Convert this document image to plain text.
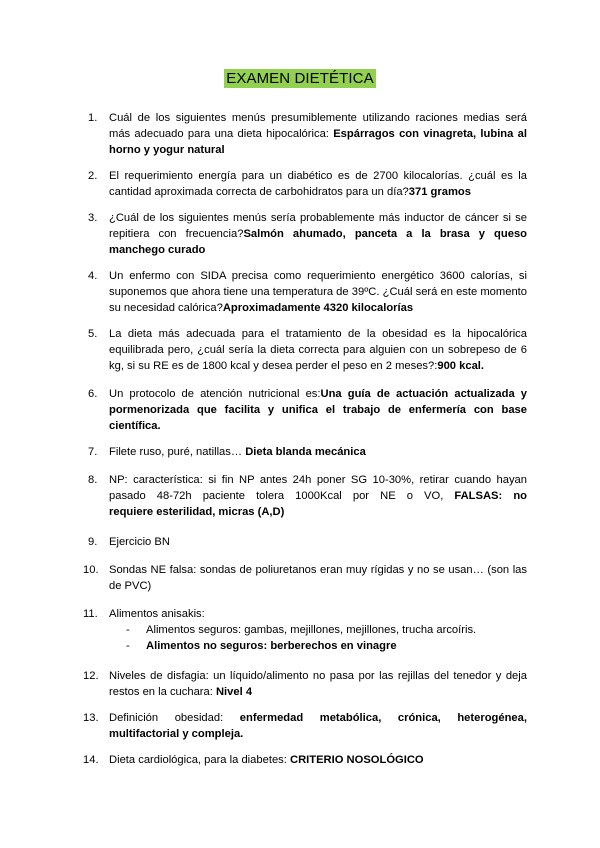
EXAMEN DIETÉTICA
1.	Cuál de los siguientes menús presumiblemente utilizando raciones medias será más adecuado para una dieta hipocalórica: Espárragos con vinagreta, lubina al horno y yogur natural
2.	El requerimiento energía para un diabético es de 2700 kilocalorías. ¿cuál es la cantidad aproximada correcta de carbohidratos para un día?371 gramos
3.	¿Cuál de los siguientes menús sería probablemente más inductor de cáncer si se repitiera con frecuencia?Salmón ahumado, panceta a la brasa y queso manchego curado
4.	Un enfermo con SIDA precisa como requerimiento energético 3600 calorías, si suponemos que ahora tiene una temperatura de 39ºC. ¿Cuál será en este momento su necesidad calórica?Aproximadamente 4320 kilocalorías
5.	La dieta más adecuada para el tratamiento de la obesidad es la hipocalórica equilibrada pero, ¿cuál sería la dieta correcta para alguien con un sobrepeso de 6 kg, si su RE es de 1800 kcal y desea perder el peso en 2 meses?:900 kcal.
6.	Un protocolo de atención nutricional es:Una guía de actuación actualizada y pormenorizada que facilita y unifica el trabajo de enfermería con base científica.
7.	Filete ruso, puré, natillas… Dieta blanda mecánica
8.	NP: característica: si fin NP antes 24h poner SG 10-30%, retirar cuando hayan pasado 48-72h paciente tolera 1000Kcal por NE o VO, FALSAS: no
requiere esterilidad, micras (A,D)
9.	Ejercicio BN
10. Sondas NE falsa: sondas de poliuretanos eran muy rígidas y no se usan… (son las de PVC)
11.	Alimentos anisakis:
- Alimentos seguros: gambas, mejillones, mejillones, trucha arcoíris.
- Alimentos no seguros: berberechos en vinagre
12. Niveles de disfagia: un líquido/alimento no pasa por las rejillas del tenedor y deja restos en la cuchara: Nivel 4
13. Definición obesidad: enfermedad metabólica, crónica, heterogénea, multifactorial y compleja.
14. Dieta cardiológica, para la diabetes: CRITERIO NOSOLÓGICO
